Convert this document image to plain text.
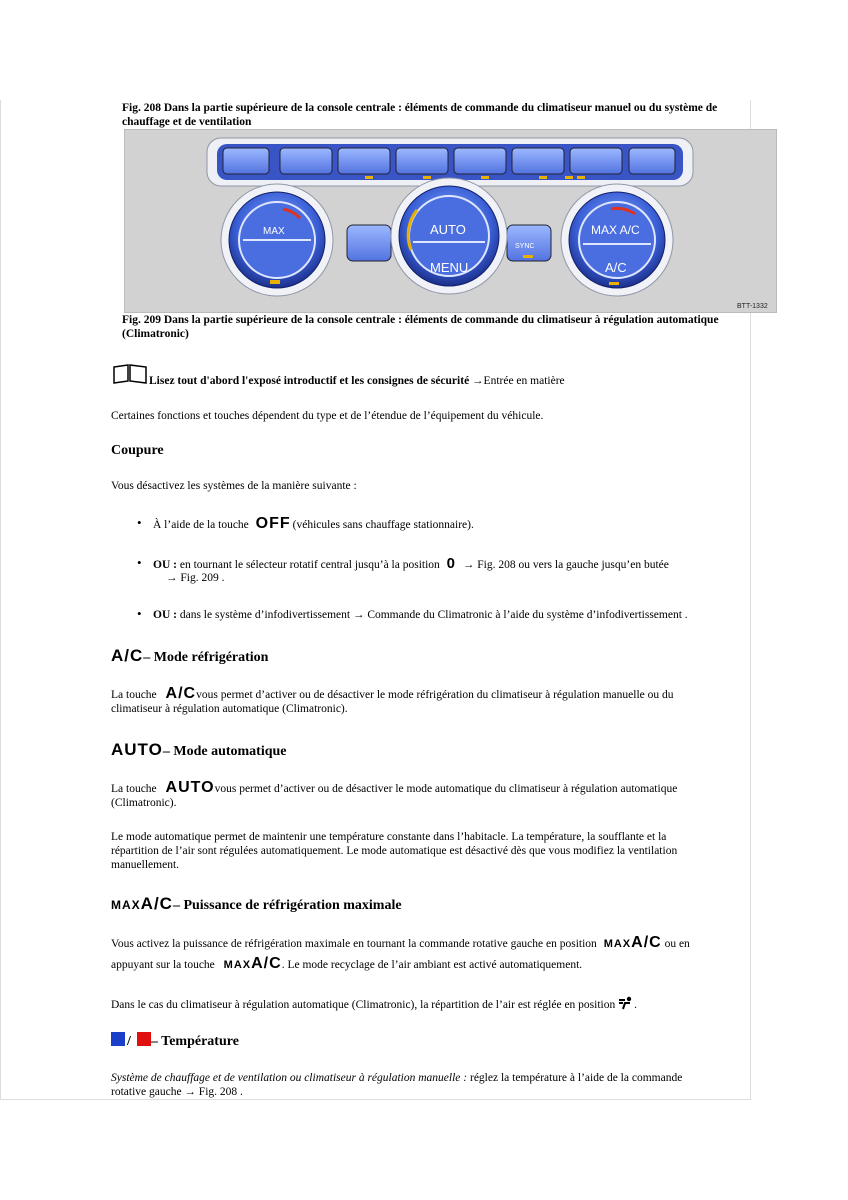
Fig. 208 Dans la partie supérieure de la console centrale : éléments de commande du climatiseur manuel ou du système de chauffage et de ventilation
MAX
SYNC
AUTO
MENU
MAX A/C
A/C
BTT-1332
Fig. 209 Dans la partie supérieure de la console centrale : éléments de commande du climatiseur à régulation automatique (Climatronic)
Lisez tout d'abord l'exposé introductif et les consignes de sécurité →Entrée en matière
Certaines fonctions et touches dépendent du type et de l’étendue de l’équipement du véhicule.
Coupure
Vous désactivez les systèmes de la manière suivante :
• À l’aide de la touche OFF (véhicules sans chauffage stationnaire).
• OU : en tournant le sélecteur rotatif central jusqu’à la position 0 → Fig. 208 ou vers la gauche jusqu’en butée
→ Fig. 209 .
• OU : dans le système d’infodivertissement → Commande du Climatronic à l’aide du système d’infodivertissement .
A/C– Mode réfrigération
La touche A/Cvous permet d’activer ou de désactiver le mode réfrigération du climatiseur à régulation manuelle ou du
climatiseur à régulation automatique (Climatronic).
AUTO– Mode automatique
La touche AUTOvous permet d’activer ou de désactiver le mode automatique du climatiseur à régulation automatique
(Climatronic).
Le mode automatique permet de maintenir une température constante dans l’habitacle. La température, la soufflante et la
répartition de l’air sont régulées automatiquement. Le mode automatique est désactivé dès que vous modifiez la ventilation
manuellement.
MAXA/C– Puissance de réfrigération maximale
Vous activez la puissance de réfrigération maximale en tournant la commande rotative gauche en position MAXA/C ou en
appuyant sur la touche MAXA/C. Le mode recyclage de l’air ambiant est activé automatiquement.
Dans le cas du climatiseur à régulation automatique (Climatronic), la répartition de l’air est réglée en position .
/ – Température
Système de chauffage et de ventilation ou climatiseur à régulation manuelle : réglez la température à l’aide de la commande
rotative gauche → Fig. 208 .
